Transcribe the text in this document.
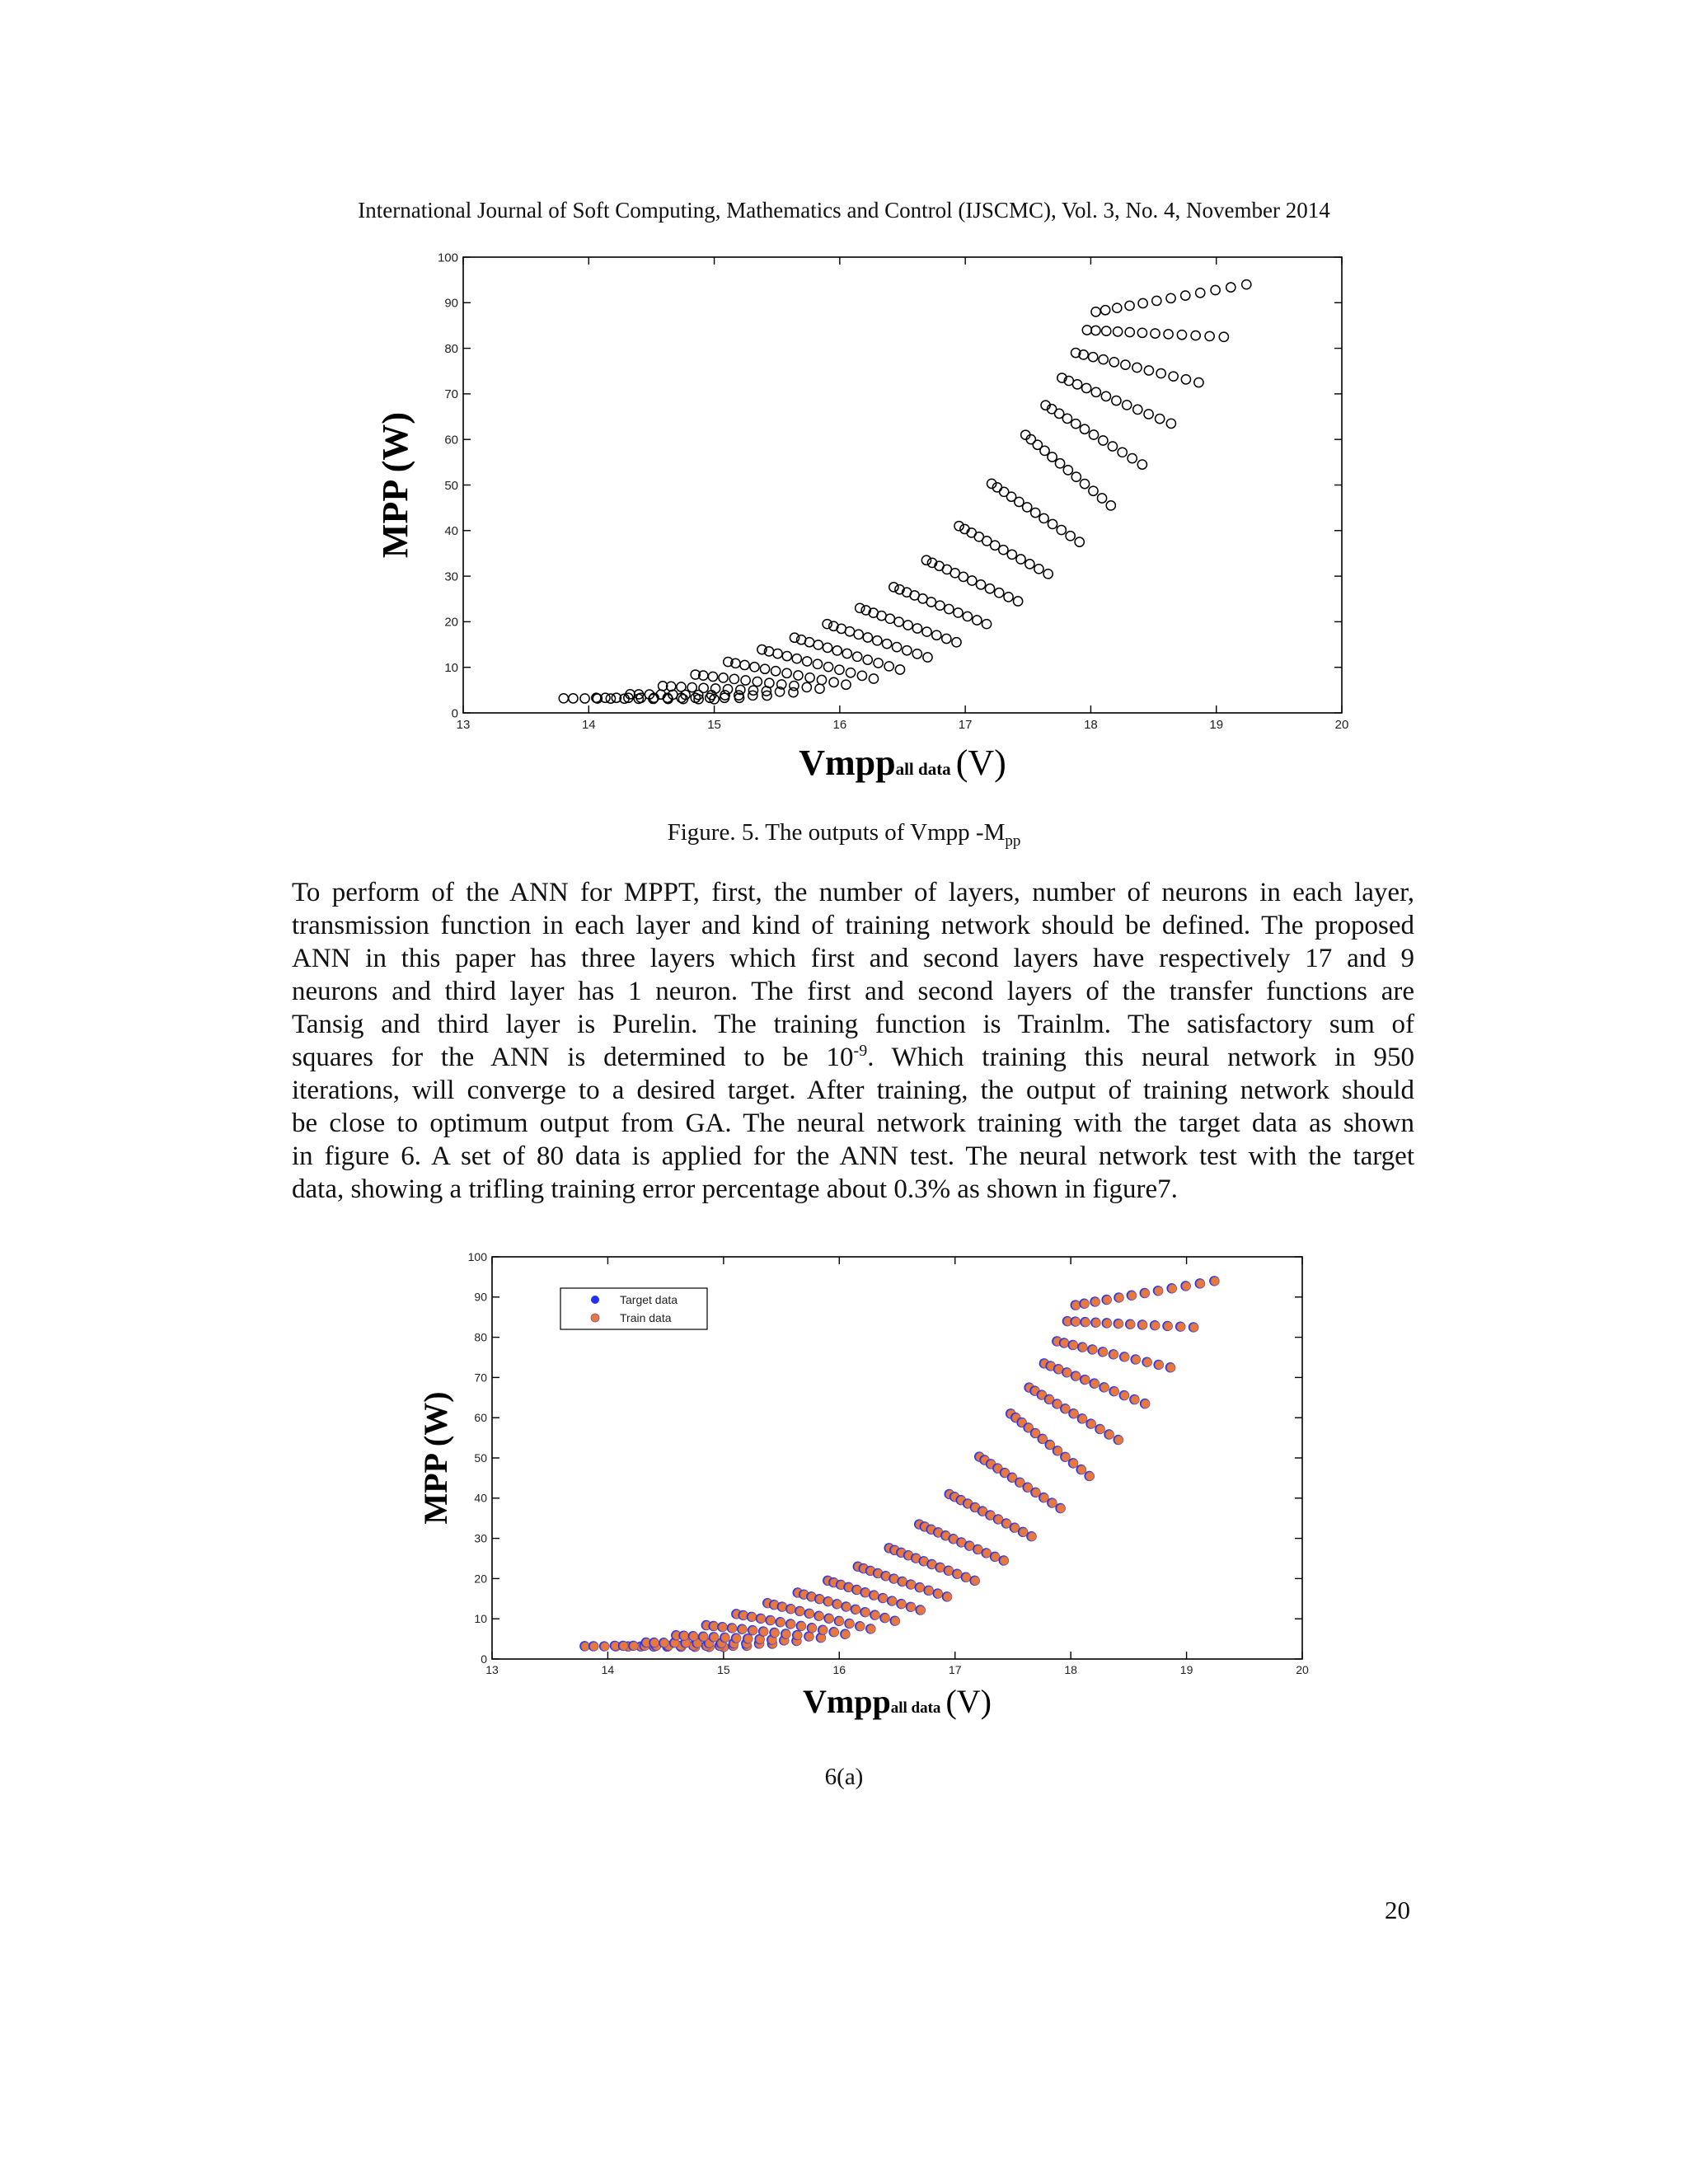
International Journal of Soft Computing, Mathematics and Control (IJSCMC), Vol. 3, No. 4, November 2014
13	14	15	16	17	18	19	20
0
10
20
30
40
50
60
70
80
90
100
MPP (W)
Vmppall data (V)
Figure. 5. The outputs of Vmpp $-M_{pp}$
To perform of the ANN for MPPT, first, the number of layers, number of neurons in each layer,
transmission function in each layer and kind of training network should be defined. The proposed
ANN in this paper has three layers which first and second layers have respectively 17 and 9
neurons and third layer has 1 neuron. The first and second layers of the transfer functions are
Tansig and third layer is Purelin. The training function is Trainlm. The satisfactory sum of
squares for the ANN is determined to be $10^{-9}$. Which training this neural network in 950
iterations, will converge to a desired target. After training, the output of training network should
be close to optimum output from GA. The neural network training with the target data as shown
in figure 6. A set of 80 data is applied for the ANN test. The neural network test with the target
data, showing a trifling training error percentage about 0.3% as shown in figure7.
13	14	15	16	17	18	19	20
0
10
20
30
40
50
60
70
80
90
100
MPP (W)
Vmppall data (V)
Target data
Train data
6(a)
20
